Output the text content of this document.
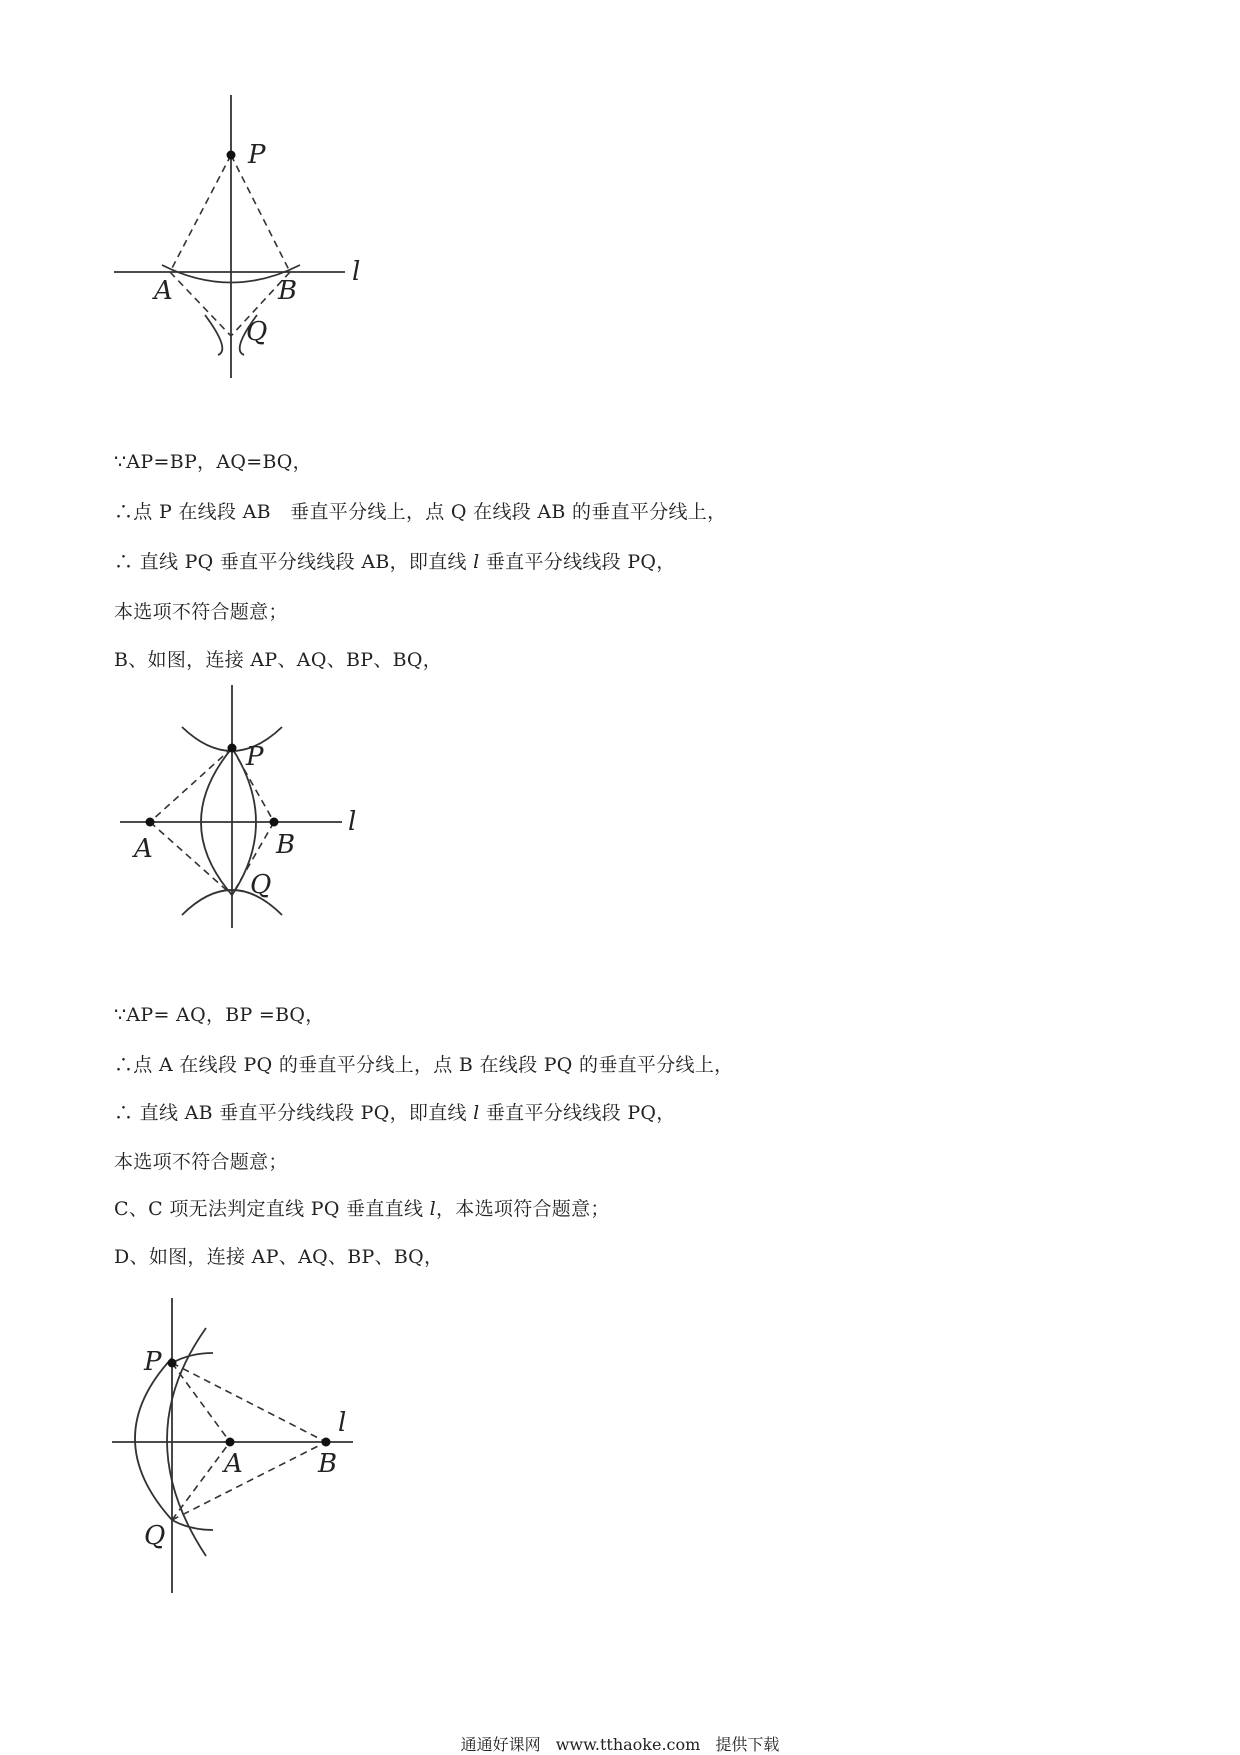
P
A	B
Q
l
∵AP=BP，AQ=BQ，
∴点 P 在线段 AB　垂直平分线上，点 Q 在线段 AB 的垂直平分线上，
∴ 直线 PQ 垂直平分线线段 AB，即直线 l 垂直平分线线段 PQ，
本选项不符合题意；
B、如图，连接 AP、AQ、BP、BQ，
P
A	B
Q
l
∵AP= AQ，BP =BQ，
∴点 A 在线段 PQ 的垂直平分线上，点 B 在线段 PQ 的垂直平分线上，
∴ 直线 AB 垂直平分线线段 PQ，即直线 l 垂直平分线线段 PQ，
本选项不符合题意；
C、C 项无法判定直线 PQ 垂直直线 l，本选项符合题意；
D、如图，连接 AP、AQ、BP、BQ，
P
A	B
Q
l
通通好课网 www.tthaoke.com 提供下载
